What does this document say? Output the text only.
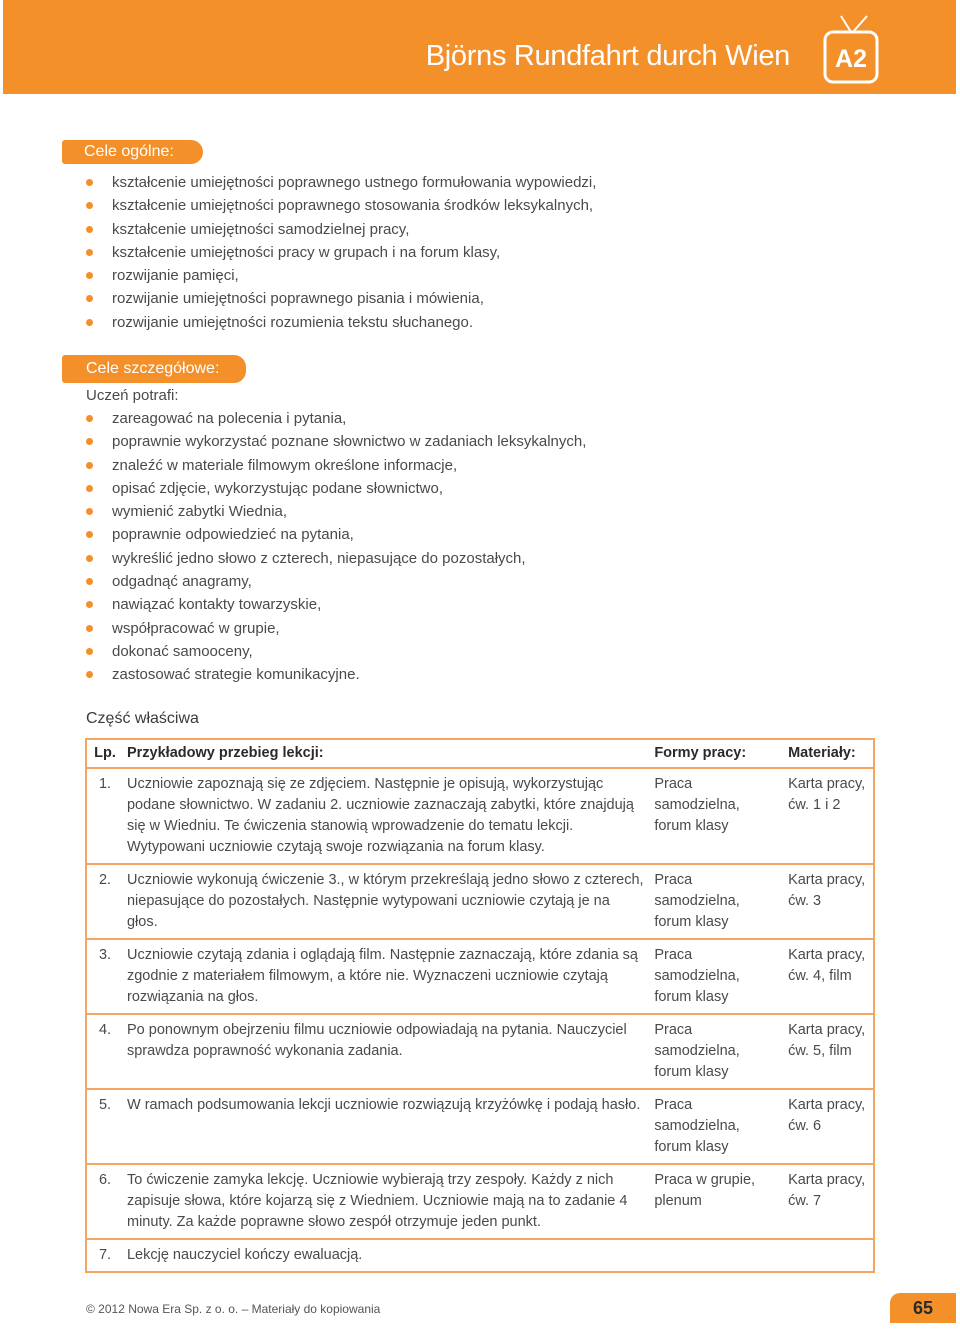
Björns Rundfahrt durch Wien	A2
Cele ogólne:
kształcenie umiejętności poprawnego ustnego formułowania wypowiedzi,
kształcenie umiejętności poprawnego stosowania środków leksykalnych,
kształcenie umiejętności samodzielnej pracy,
kształcenie umiejętności pracy w grupach i na forum klasy,
rozwijanie pamięci,
rozwijanie umiejętności poprawnego pisania i mówienia,
rozwijanie umiejętności rozumienia tekstu słuchanego.
Cele szczegółowe:
Uczeń potrafi:
zareagować na polecenia i pytania,
poprawnie wykorzystać poznane słownictwo w zadaniach leksykalnych,
znaleźć w materiale filmowym określone informacje,
opisać zdjęcie, wykorzystując podane słownictwo,
wymienić zabytki Wiednia,
poprawnie odpowiedzieć na pytania,
wykreślić jedno słowo z czterech, niepasujące do pozostałych,
odgadnąć anagramy,
nawiązać kontakty towarzyskie,
współpracować w grupie,
dokonać samooceny,
zastosować strategie komunikacyjne.
Część właściwa
Lp.	Przykładowy przebieg lekcji:	Formy pracy:	Materiały:
1.	Uczniowie zapoznają się ze zdjęciem. Następnie je opisują, wykorzystując podane słownictwo. W zadaniu 2. uczniowie zaznaczają zabytki, które znajdują się w Wiedniu. Te ćwiczenia stanowią wprowadzenie do tematu lekcji. Wytypowani uczniowie czytają swoje rozwiązania na forum klasy.	Praca samodzielna, forum klasy	Karta pracy, ćw. 1 i 2
2.	Uczniowie wykonują ćwiczenie 3., w którym przekreślają jedno słowo z czterech, niepasujące do pozostałych. Następnie wytypowani uczniowie czytają je na głos.	Praca samodzielna, forum klasy	Karta pracy, ćw. 3
3.	Uczniowie czytają zdania i oglądają film. Następnie zaznaczają, które zdania są zgodnie z materiałem filmowym, a które nie. Wyznaczeni uczniowie czytają rozwiązania na głos.	Praca samodzielna, forum klasy	Karta pracy, ćw. 4, film
4.	Po ponownym obejrzeniu filmu uczniowie odpowiadają na pytania. Nauczyciel sprawdza poprawność wykonania zadania.	Praca samodzielna, forum klasy	Karta pracy, ćw. 5, film
5.	W ramach podsumowania lekcji uczniowie rozwiązują krzyżówkę i podają hasło.	Praca samodzielna, forum klasy	Karta pracy, ćw. 6
6.	To ćwiczenie zamyka lekcję. Uczniowie wybierają trzy zespoły. Każdy z nich zapisuje słowa, które kojarzą się z Wiedniem. Uczniowie mają na to zadanie 4 minuty. Za każde poprawne słowo zespół otrzymuje jeden punkt.	Praca w grupie, plenum	Karta pracy, ćw. 7
7.	Lekcję nauczyciel kończy ewaluacją.		
© 2012 Nowa Era Sp. z o. o. – Materiały do kopiowania	65
